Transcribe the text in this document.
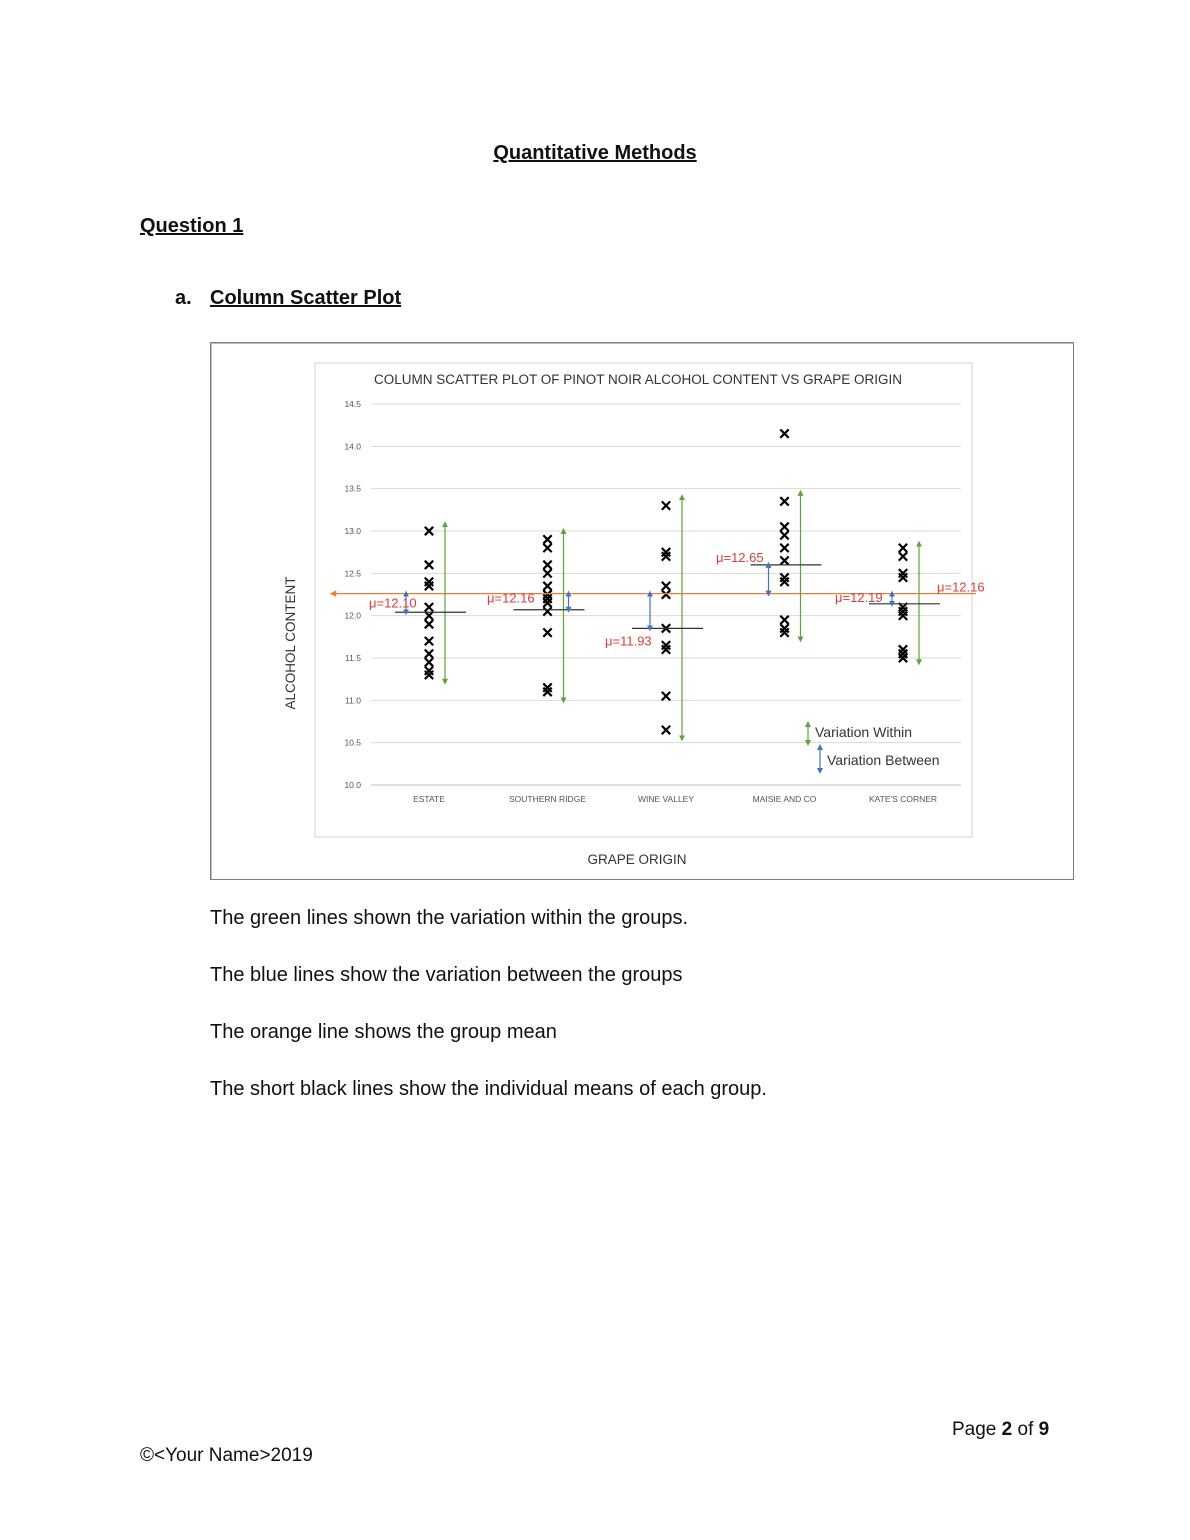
Quantitative Methods
Question 1
a. Column Scatter Plot
10.0
10.5
11.0
11.5
12.0
12.5
13.0
13.5
14.0
14.5
ESTATE	SOUTHERN RIDGE	WINE VALLEY	MAISIE AND CO	KATE'S CORNER
μ=12.16
μ=12.10	μ=12.16
μ=11.93
μ=12.65
μ=12.19
COLUMN SCATTER PLOT OF PINOT NOIR ALCOHOL CONTENT VS GRAPE ORIGIN
GRAPE ORIGIN
ALCOHOL CONTENT
Variation Within
Variation Between
The green lines shown the variation within the groups.
The blue lines show the variation between the groups
The orange line shows the group mean
The short black lines show the individual means of each group.
Page 2 of 9
©<Your Name>2019
